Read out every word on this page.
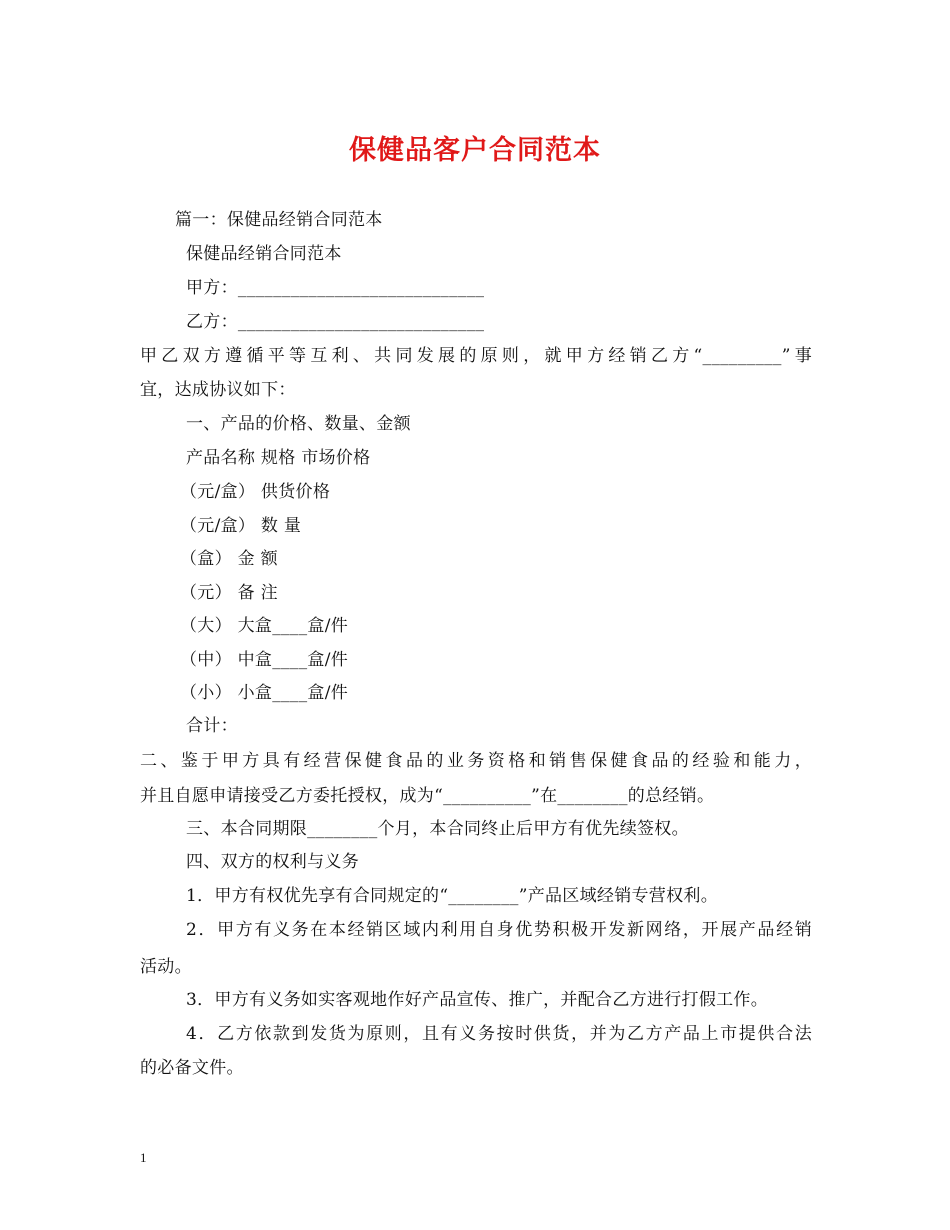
保健品客户合同范本
篇一：保健品经销合同范本
保健品经销合同范本
甲方：____________________________
乙方：____________________________
甲乙双方遵循平等互利、共同发展的原则，就甲方经销乙方“_________”事
宜，达成协议如下：
一、产品的价格、数量、金额
产品名称 规格 市场价格
（元/盒） 供货价格
（元/盒） 数 量
（盒） 金 额
（元） 备 注
（大） 大盒____盒/件
（中） 中盒____盒/件
（小） 小盒____盒/件
合计：
二、鉴于甲方具有经营保健食品的业务资格和销售保健食品的经验和能力，
并且自愿申请接受乙方委托授权，成为“__________”在________的总经销。
三、本合同期限________个月，本合同终止后甲方有优先续签权。
四、双方的权利与义务
1．甲方有权优先享有合同规定的“________”产品区域经销专营权利。
2．甲方有义务在本经销区域内利用自身优势积极开发新网络，开展产品经销
活动。
3．甲方有义务如实客观地作好产品宣传、推广，并配合乙方进行打假工作。
4．乙方依款到发货为原则，且有义务按时供货，并为乙方产品上市提供合法
的必备文件。
1
